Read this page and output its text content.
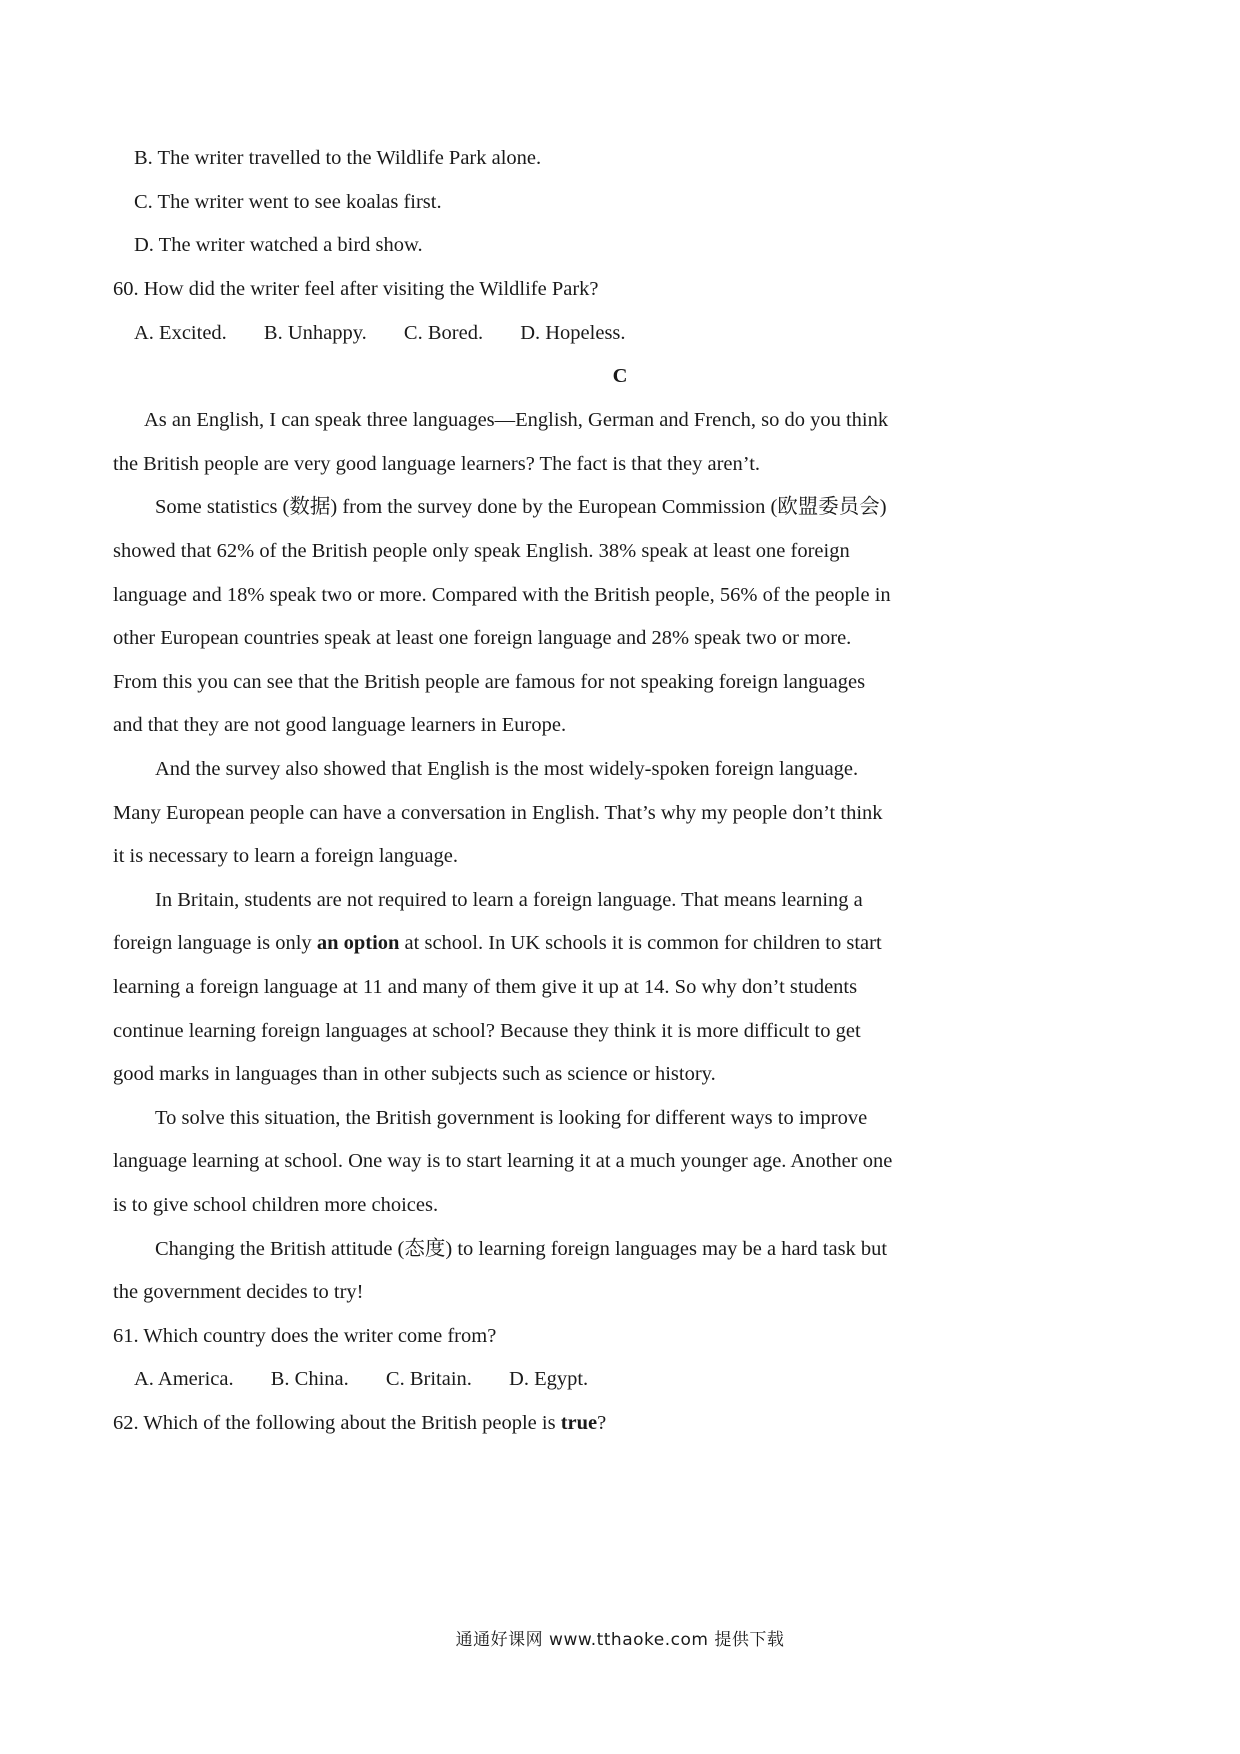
B. The writer travelled to the Wildlife Park alone.
C. The writer went to see koalas first.
D. The writer watched a bird show.
60. How did the writer feel after visiting the Wildlife Park?
A. Excited. B. Unhappy. C. Bored. D. Hopeless.
C
As an English, I can speak three languages—English, German and French, so do you think
the British people are very good language learners? The fact is that they aren’t.
Some statistics (数据) from the survey done by the European Commission (欧盟委员会)
showed that 62% of the British people only speak English. 38% speak at least one foreign
language and 18% speak two or more. Compared with the British people, 56% of the people in
other European countries speak at least one foreign language and 28% speak two or more.
From this you can see that the British people are famous for not speaking foreign languages
and that they are not good language learners in Europe.
And the survey also showed that English is the most widely-spoken foreign language.
Many European people can have a conversation in English. That’s why my people don’t think
it is necessary to learn a foreign language.
In Britain, students are not required to learn a foreign language. That means learning a
foreign language is only an option at school. In UK schools it is common for children to start
learning a foreign language at 11 and many of them give it up at 14. So why don’t students
continue learning foreign languages at school? Because they think it is more difficult to get
good marks in languages than in other subjects such as science or history.
To solve this situation, the British government is looking for different ways to improve
language learning at school. One way is to start learning it at a much younger age. Another one
is to give school children more choices.
Changing the British attitude (态度) to learning foreign languages may be a hard task but
the government decides to try!
61. Which country does the writer come from?
A. America. B. China. C. Britain. D. Egypt.
62. Which of the following about the British people is true?
通通好课网 www.tthaoke.com 提供下载
